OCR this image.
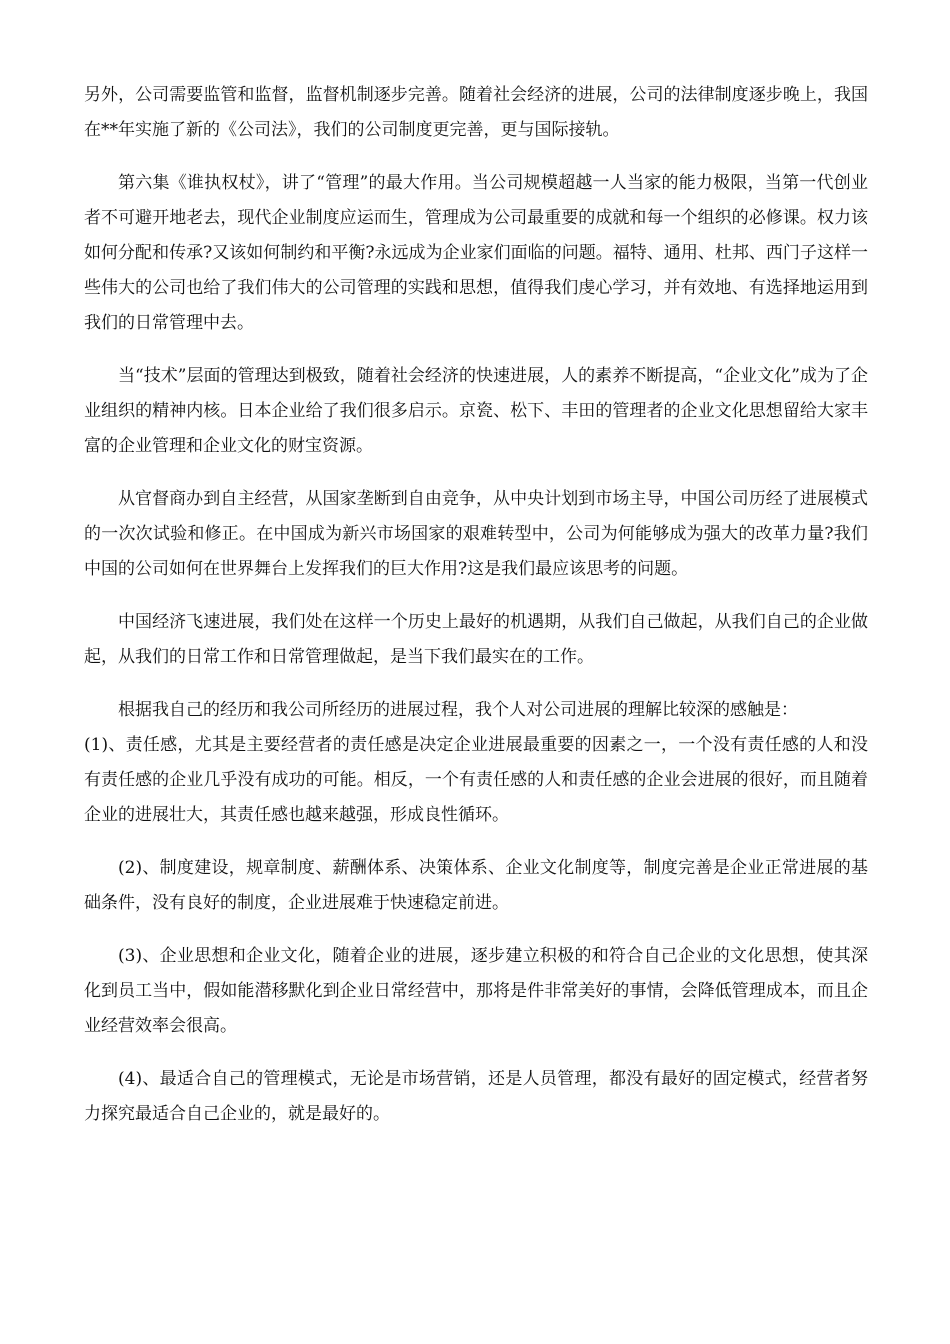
另外，公司需要监管和监督，监督机制逐步完善。随着社会经济的进展，公司的法律制度逐步晚上，我国在**年实施了新的《公司法》，我们的公司制度更完善，更与国际接轨。

第六集《谁执权杖》，讲了“管理”的最大作用。当公司规模超越一人当家的能力极限，当第一代创业者不可避开地老去，现代企业制度应运而生，管理成为公司最重要的成就和每一个组织的必修课。权力该如何分配和传承?又该如何制约和平衡?永远成为企业家们面临的问题。福特、通用、杜邦、西门子这样一些伟大的公司也给了我们伟大的公司管理的实践和思想，值得我们虔心学习，并有效地、有选择地运用到我们的日常管理中去。

当“技术”层面的管理达到极致，随着社会经济的快速进展，人的素养不断提高，“企业文化”成为了企业组织的精神内核。日本企业给了我们很多启示。京瓷、松下、丰田的管理者的企业文化思想留给大家丰富的企业管理和企业文化的财宝资源。

从官督商办到自主经营，从国家垄断到自由竞争，从中央计划到市场主导，中国公司历经了进展模式的一次次试验和修正。在中国成为新兴市场国家的艰难转型中，公司为何能够成为强大的改革力量?我们中国的公司如何在世界舞台上发挥我们的巨大作用?这是我们最应该思考的问题。

中国经济飞速进展，我们处在这样一个历史上最好的机遇期，从我们自己做起，从我们自己的企业做起，从我们的日常工作和日常管理做起，是当下我们最实在的工作。

根据我自己的经历和我公司所经历的进展过程，我个人对公司进展的理解比较深的感触是：

(1)、责任感，尤其是主要经营者的责任感是决定企业进展最重要的因素之一，一个没有责任感的人和没有责任感的企业几乎没有成功的可能。相反，一个有责任感的人和责任感的企业会进展的很好，而且随着企业的进展壮大，其责任感也越来越强，形成良性循环。

(2)、制度建设，规章制度、薪酬体系、决策体系、企业文化制度等，制度完善是企业正常进展的基础条件，没有良好的制度，企业进展难于快速稳定前进。

(3)、企业思想和企业文化，随着企业的进展，逐步建立积极的和符合自己企业的文化思想，使其深化到员工当中，假如能潜移默化到企业日常经营中，那将是件非常美好的事情，会降低管理成本，而且企业经营效率会很高。

(4)、最适合自己的管理模式，无论是市场营销，还是人员管理，都没有最好的固定模式，经营者努力探究最适合自己企业的，就是最好的。
